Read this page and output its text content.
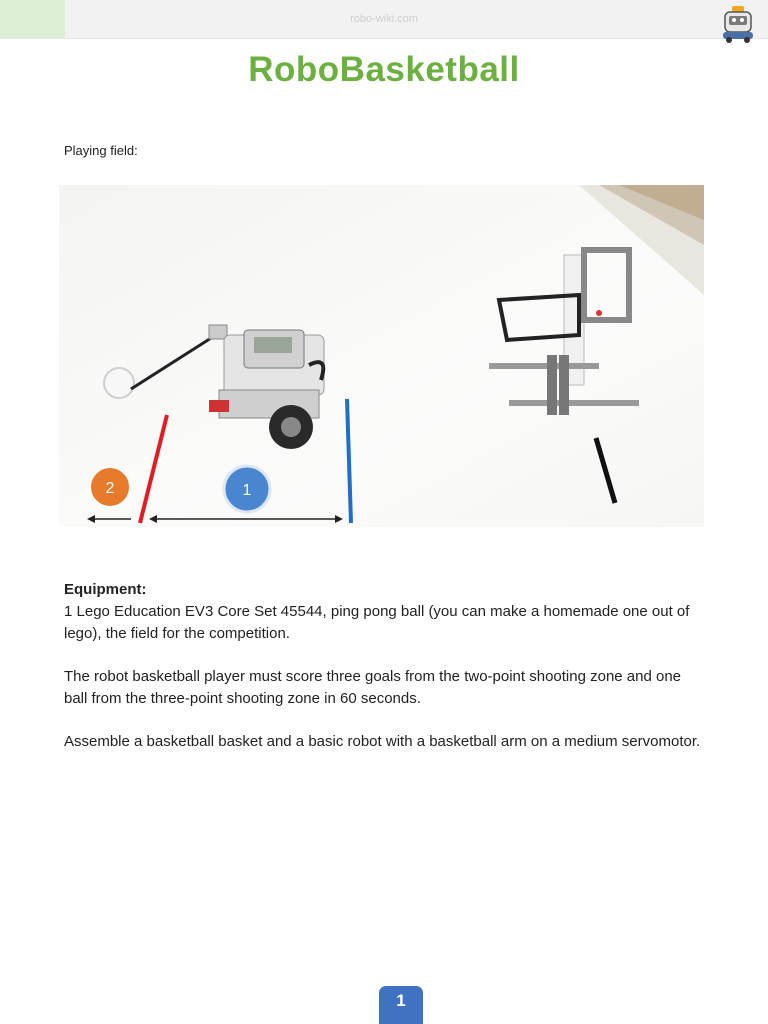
robo-wiki.com
RoboBasketball
Playing field:
2	1

Equipment:
1 Lego Education EV3 Core Set 45544, ping pong ball (you can make a homemade one out of lego), the field for the competition.

The robot basketball player must score three goals from the two-point shooting zone and one ball from the three-point shooting zone in 60 seconds.

Assemble a basketball basket and a basic robot with a basketball arm on a medium servomotor.

1
